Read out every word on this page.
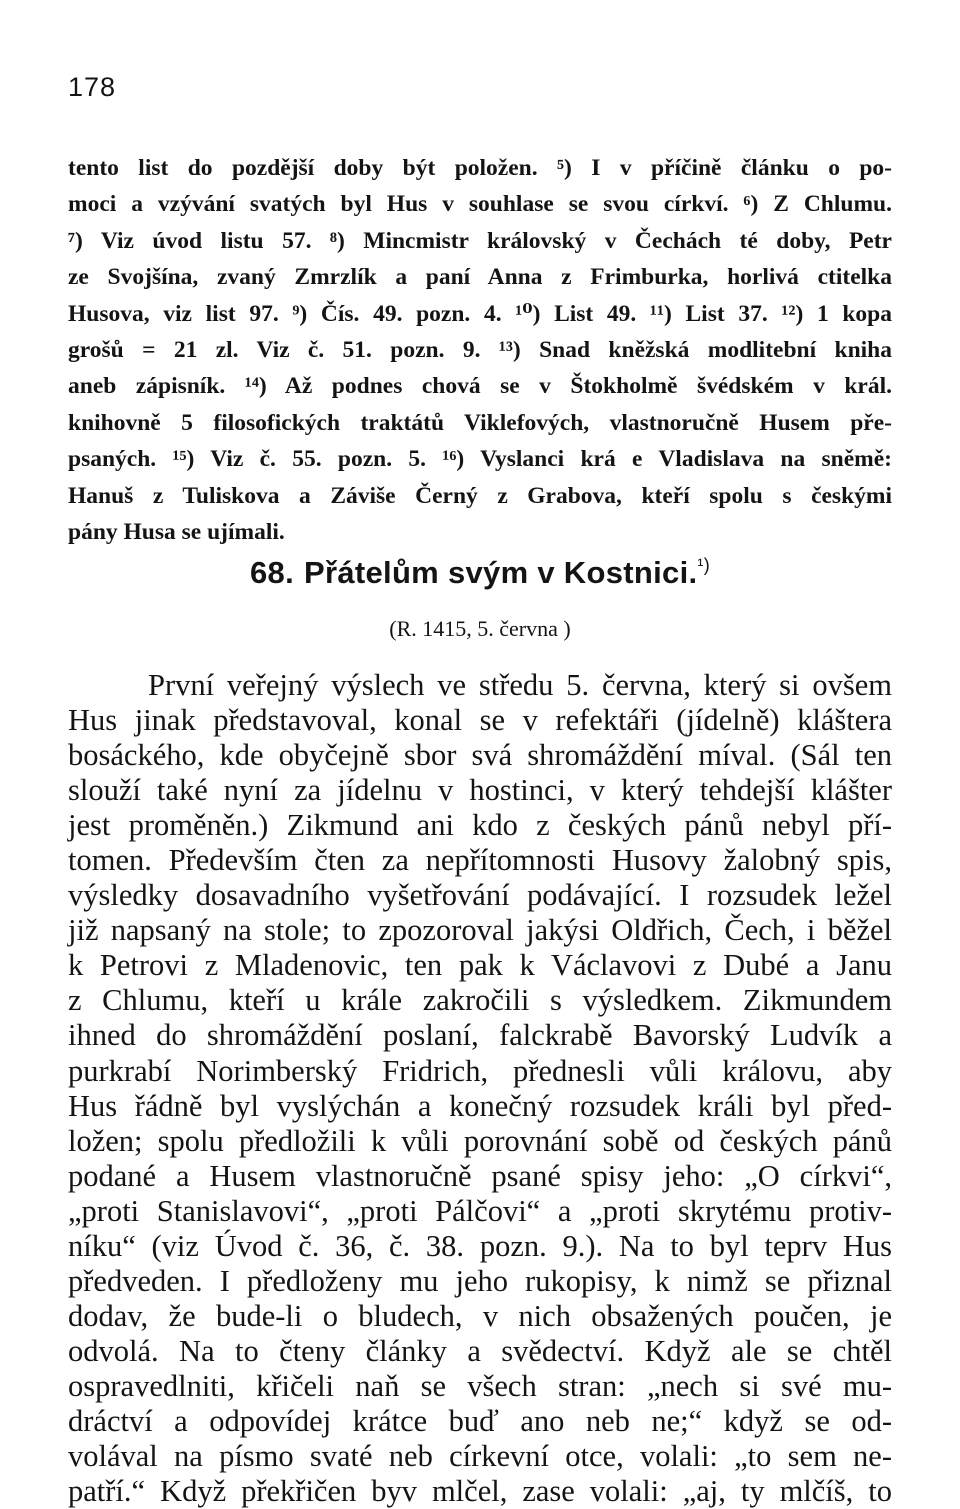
178
tento list do pozdější doby být položen. ⁵) I v příčině článku o po-
moci a vzývání svatých byl Hus v souhlase se svou církví. ⁶) Z Chlumu.
⁷) Viz úvod listu 57. ⁸) Mincmistr královský v Čechách té doby, Petr
ze Svojšína, zvaný Zmrzlík a paní Anna z Frimburka, horlivá ctitelka
Husova, viz list 97. ⁹) Čís. 49. pozn. 4. ¹⁰) List 49. ¹¹) List 37. ¹²) 1 kopa
grošů = 21 zl. Viz č. 51. pozn. 9. ¹³) Snad kněžská modlitební kniha
aneb zápisník. ¹⁴) Až podnes chová se v Štokholmě švédském v král.
knihovně 5 filosofických traktátů Viklefových, vlastnoručně Husem pře-
psaných. ¹⁵) Viz č. 55. pozn. 5. ¹⁶) Vyslanci krá e Vladislava na sněmě:
Hanuš z Tuliskova a Záviše Černý z Grabova, kteří spolu s českými
pány Husa se ujímali.
68. Přátelům svým v Kostnici.$^{^1)}$
(R. 1415, 5. června )
První veřejný výslech ve středu 5. června, který si ovšem
Hus jinak představoval, konal se v refektáři (jídelně) kláštera
bosáckého, kde obyčejně sbor svá shromáždění míval. (Sál ten
slouží také nyní za jídelnu v hostinci, v který tehdejší klášter
jest proměněn.) Zikmund ani kdo z českých pánů nebyl pří-
tomen. Především čten za nepřítomnosti Husovy žalobný spis,
výsledky dosavadního vyšetřování podávající. I rozsudek ležel
již napsaný na stole; to zpozoroval jakýsi Oldřich, Čech, i běžel
k Petrovi z Mladenovic, ten pak k Václavovi z Dubé a Janu
z Chlumu, kteří u krále zakročili s výsledkem. Zikmundem
ihned do shromáždění poslaní, falckrabě Bavorský Ludvík a
purkrabí Norimberský Fridrich, přednesli vůli královu, aby
Hus řádně byl vyslýchán a konečný rozsudek králi byl před-
ložen; spolu předložili k vůli porovnání sobě od českých pánů
podané a Husem vlastnoručně psané spisy jeho: „O církvi“,
„proti Stanislavovi“, „proti Pálčovi“ a „proti skrytému protiv-
níku“ (viz Úvod č. 36, č. 38. pozn. 9.). Na to byl teprv Hus
předveden. I předloženy mu jeho rukopisy, k nimž se přiznal
dodav, že bude-li o bludech, v nich obsažených poučen, je
odvolá. Na to čteny články a svědectví. Když ale se chtěl
ospravedlniti, křičeli naň se všech stran: „nech si své mu-
dráctví a odpovídej krátce buď ano neb ne;“ když se od-
volával na písmo svaté neb církevní otce, volali: „to sem ne-
patří.“ Když překřičen byv mlčel, zase volali: „aj, ty mlčíš, to
